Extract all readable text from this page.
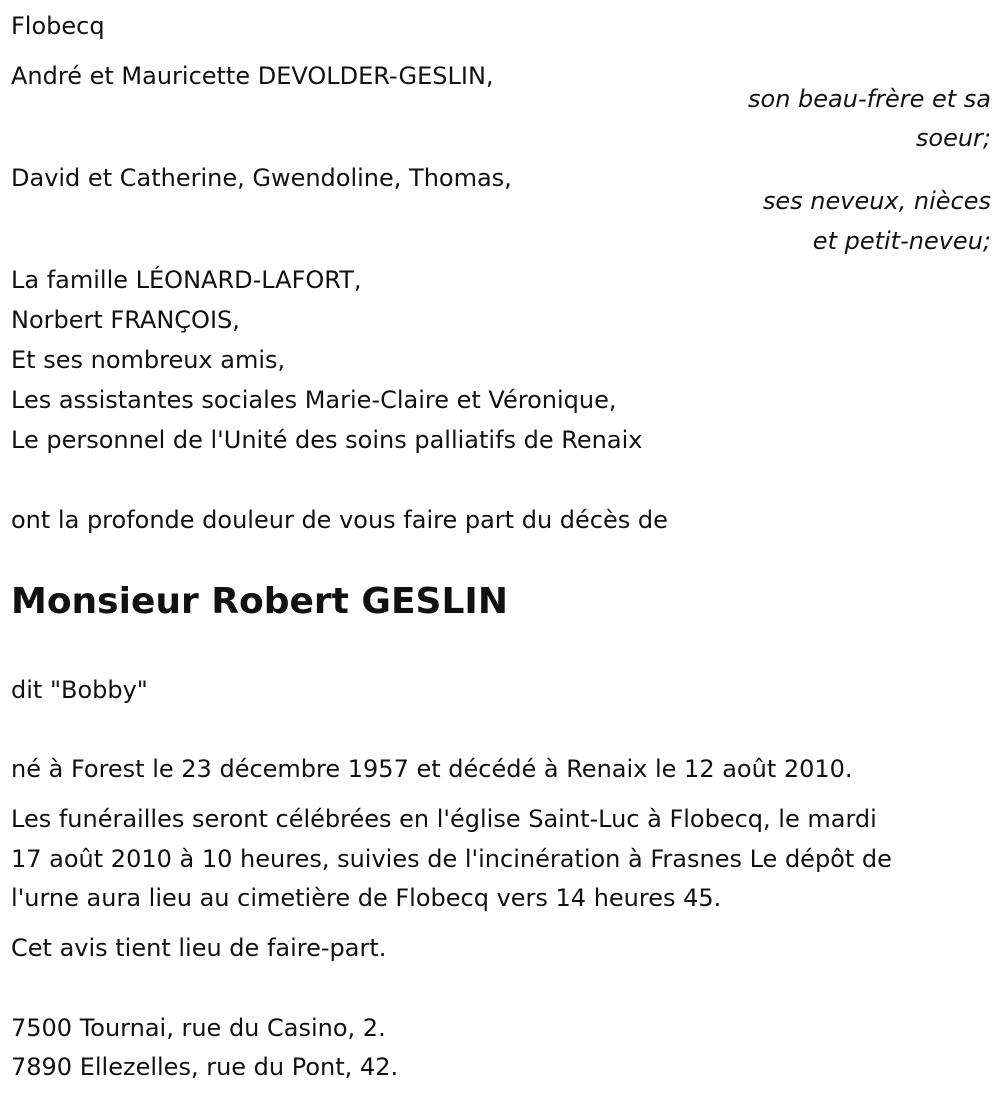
Flobecq
André et Mauricette DEVOLDER-GESLIN,
son beau-frère et sa
soeur;
David et Catherine, Gwendoline, Thomas,
ses neveux, nièces
et petit-neveu;
La famille LÉONARD-LAFORT,
Norbert FRANÇOIS,
Et ses nombreux amis,
Les assistantes sociales Marie-Claire et Véronique,
Le personnel de l'Unité des soins palliatifs de Renaix
ont la profonde douleur de vous faire part du décès de
Monsieur Robert GESLIN
dit "Bobby"
né à Forest le 23 décembre 1957 et décédé à Renaix le 12 août 2010.
Les funérailles seront célébrées en l'église Saint-Luc à Flobecq, le mardi
17 août 2010 à 10 heures, suivies de l'incinération à Frasnes Le dépôt de
l'urne aura lieu au cimetière de Flobecq vers 14 heures 45.
Cet avis tient lieu de faire-part.
7500 Tournai, rue du Casino, 2.
7890 Ellezelles, rue du Pont, 42.
